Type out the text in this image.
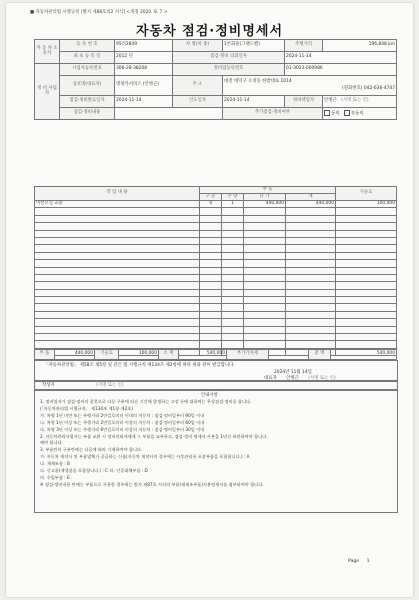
■ 자동차관리법 시행규칙 [별지 제88호의2 서식] <개정 2020. 8. 7.>
자동차 점검·정비명세서
자 동 차 소유자	등 록 번 호	95러2849	차 명(차 종)	1톤화물(그랜드밴)	주행거리	196,848 km
	최 초 등 록 일	2012 년	점검·정비 의뢰일자		2024-11-14	
정 비 사업자	사업자등록번호	306-28-38208	정비업등록번호		01-3023-000986	
	상호명(대표자)	명성카서비스 (안병근)	주 소	대전 대덕구 오정동 한밭대로 1014
(전화번호) 042-636-4747		

	점검·정비완료일자	2024-11-14	인도일자	2024-11-14	정비책임자	안병근 (서명 또는 인)
	점검·정비내용			추가점검·정비여부		동의 부동의
작 업 내 용	부 품				기술료
	구 분	수 량	단 가	계	
미션오일 교환	정	1	440,000	440,000	100,000

부 품	440,000	기술료	100,000	소 계	540,000	부가가치세		총 액	540,000
「자동차관리법」 제58조 제5항 및 같은 법 시행규칙 제134조 제2항에 따라 위와 같이 발급합니다.
2024년 11월 14일
대표자 안병근 (서명 또는 인)
작성자	(서명 또는 인)
안내사항
1. 정비업자가 점검·정비의 잘못으로 다음 구분에 따른 기간에 발생하는 고장 등에 대하여는 무상점검·정비를 합니다.
(「자동차관리법 시행규칙」 제134조 제1항 제2호)
가. 차령 1년 미만 또는 주행거리 2만킬로미터 이내의 자동차 : 점검·정비일부터 90일 이내
나. 차령 1년 이상 또는 주행거리 2만킬로미터 이상의 자동차 : 점검·정비일부터 60일 이내
다. 차령 3년 이상 또는 주행거리 6만킬로미터 이상의 자동차 : 점검·정비일부터 30일 이내
2. 자동차관리사업자는 부품 교환 시 정비의뢰자에게 그 부품을 교부하고, 점검·정비 명세서 사본을 1년간 보관하여야 합니다.
에야 합니다.
3. 부품란의 구분란에는 다음에 따라 기재하여야 합니다.
가. 자동차 제작사 및 부품업체가 공급하는 신품(자동차 제작사의 경우에는 사후관리용 포장부품을 포함합니다.) : A
나. 재제조품 : B
다. 중고품(재생품을 포함합니다.) : C 라. 인증대체부품 : D
마. 수입부품 : E
※ 점검·정비내용 란에는 부품으로 사용한 경우에는 별지 제87호 서식의 부품(재제조부품)사용명세서를 첨부하여야 합니다.
Page 1
